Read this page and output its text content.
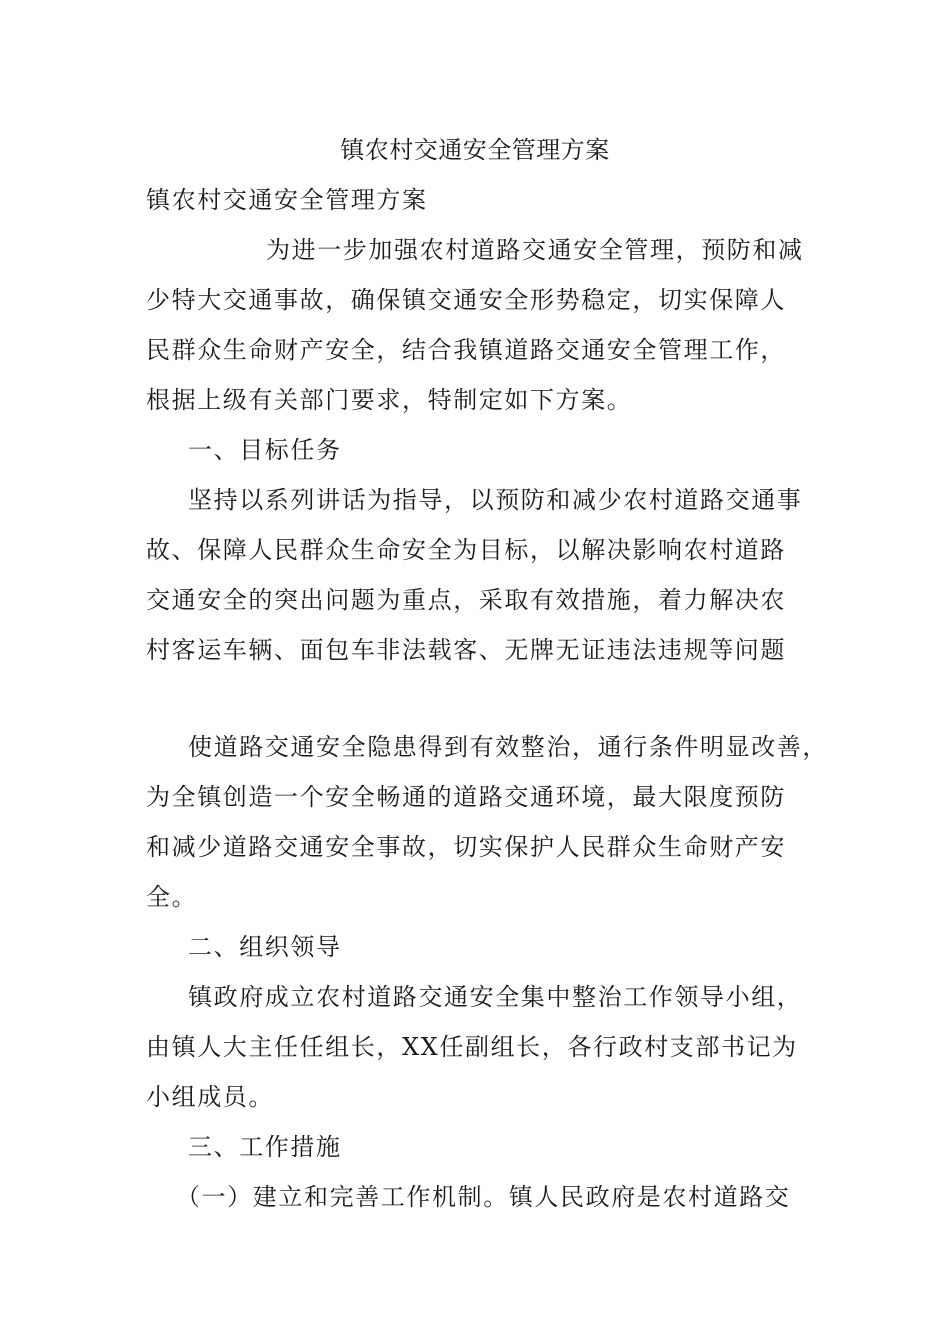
镇农村交通安全管理方案
镇农村交通安全管理方案
为进一步加强农村道路交通安全管理，预防和减
少特大交通事故，确保镇交通安全形势稳定，切实保障人
民群众生命财产安全，结合我镇道路交通安全管理工作，
根据上级有关部门要求，特制定如下方案。
一、目标任务
坚持以系列讲话为指导，以预防和减少农村道路交通事
故、保障人民群众生命安全为目标，以解决影响农村道路
交通安全的突出问题为重点，采取有效措施，着力解决农
村客运车辆、面包车非法载客、无牌无证违法违规等问题
使道路交通安全隐患得到有效整治，通行条件明显改善，
为全镇创造一个安全畅通的道路交通环境，最大限度预防
和减少道路交通安全事故，切实保护人民群众生命财产安
全。
二、组织领导
镇政府成立农村道路交通安全集中整治工作领导小组，
由镇人大主任任组长，XX任副组长，各行政村支部书记为
小组成员。
三、工作措施
（一）建立和完善工作机制。镇人民政府是农村道路交
